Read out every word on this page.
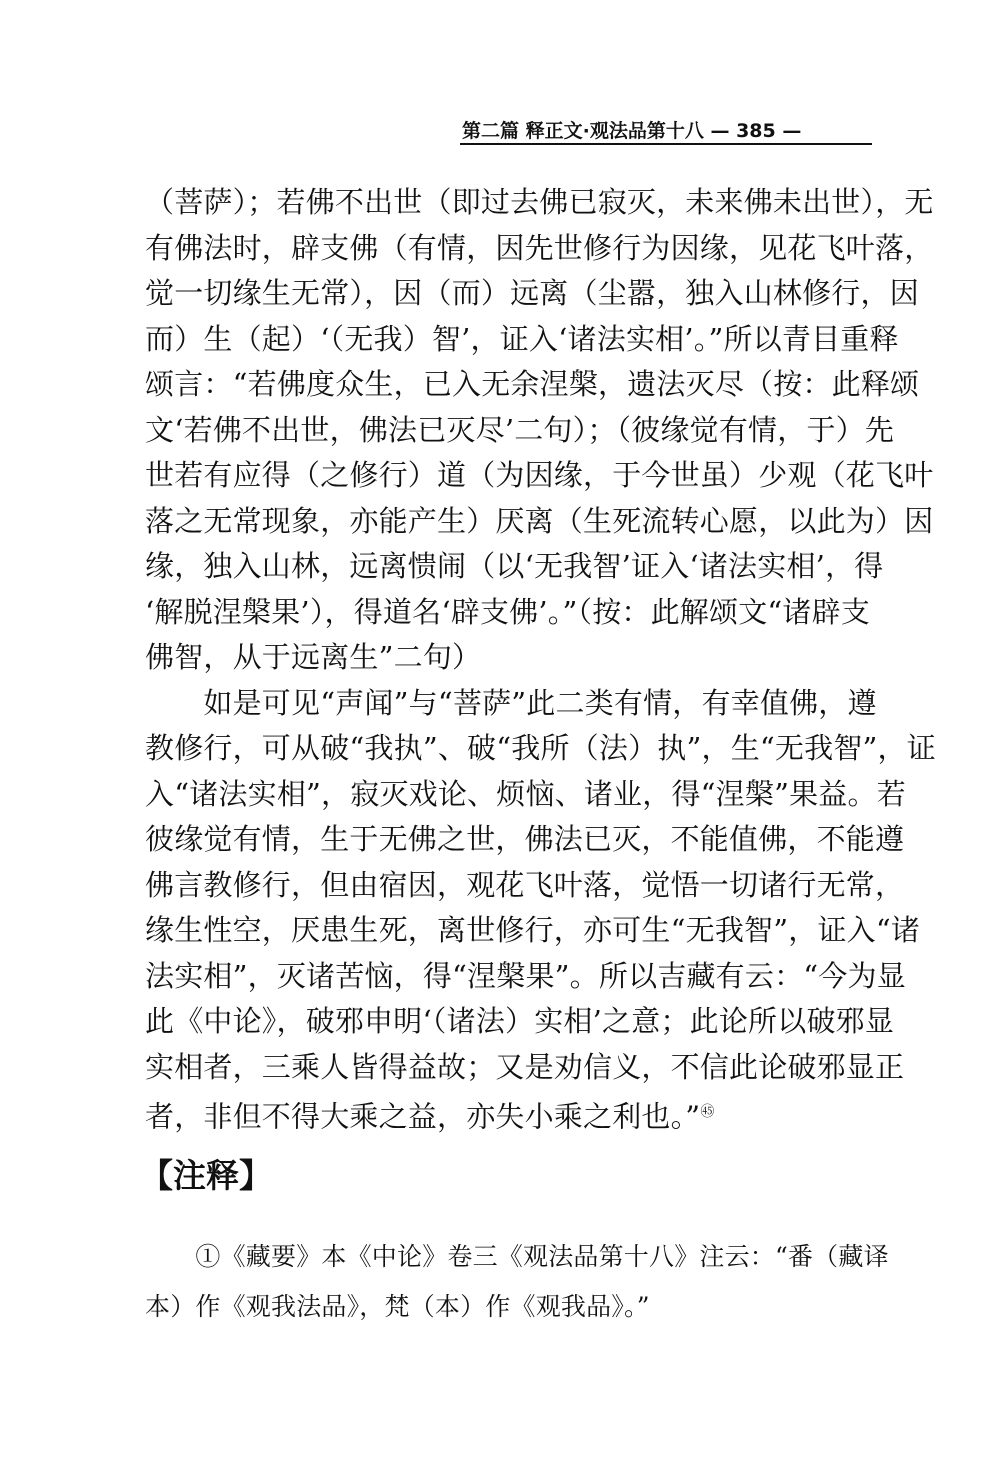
第二篇 释正文·观法品第十八 — 385 —
（菩萨）；若佛不出世（即过去佛已寂灭，未来佛未出世），无
有佛法时，辟支佛（有情，因先世修行为因缘，见花飞叶落，
觉一切缘生无常），因（而）远离（尘嚣，独入山林修行，因
而）生（起）‘（无我）智’，证入‘诸法实相’。”所以青目重释
颂言：“若佛度众生，已入无余涅槃，遗法灭尽（按：此释颂
文‘若佛不出世，佛法已灭尽’二句）；（彼缘觉有情，于）先
世若有应得（之修行）道（为因缘，于今世虽）少观（花飞叶
落之无常现象，亦能产生）厌离（生死流转心愿，以此为）因
缘，独入山林，远离愦闹（以‘无我智’证入‘诸法实相’，得
‘解脱涅槃果’），得道名‘辟支佛’。”（按：此解颂文“诸辟支
佛智，从于远离生”二句）
　　如是可见“声闻”与“菩萨”此二类有情，有幸值佛，遵
教修行，可从破“我执”、破“我所（法）执”，生“无我智”，证
入“诸法实相”，寂灭戏论、烦恼、诸业，得“涅槃”果益。若
彼缘觉有情，生于无佛之世，佛法已灭，不能值佛，不能遵
佛言教修行，但由宿因，观花飞叶落，觉悟一切诸行无常，
缘生性空，厌患生死，离世修行，亦可生“无我智”，证入“诸
法实相”，灭诸苦恼，得“涅槃果”。所以吉藏有云：“今为显
此《中论》，破邪申明‘（诸法）实相’之意；此论所以破邪显
实相者，三乘人皆得益故；又是劝信义，不信此论破邪显正
者，非但不得大乘之益，亦失小乘之利也。”$^㊺$
【注释】
　　①《藏要》本《中论》卷三《观法品第十八》注云：“番（藏译
本）作《观我法品》，梵（本）作《观我品》。”
